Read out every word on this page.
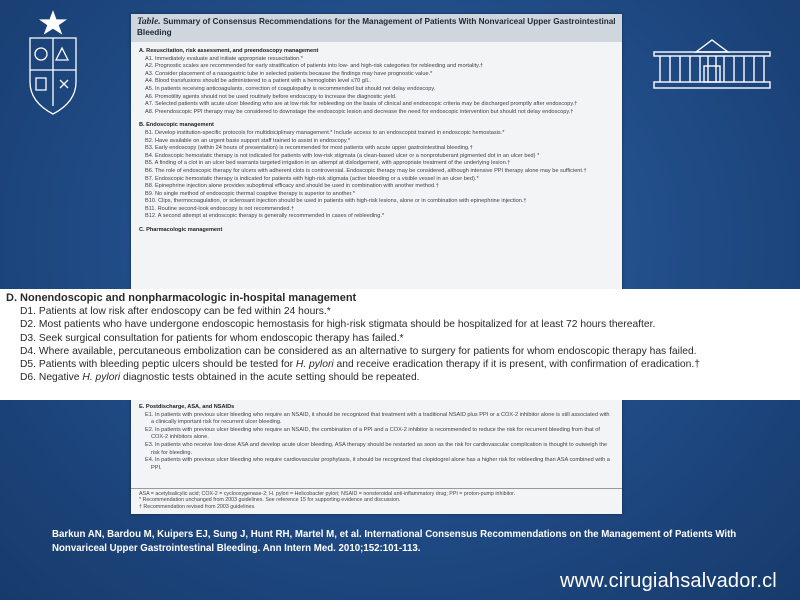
Table. Summary of Consensus Recommendations for the Management of Patients With Nonvariceal Upper Gastrointestinal Bleeding
A. Resuscitation, risk assessment, and preendoscopy management
A1. Immediately evaluate and initiate appropriate resuscitation.*
A2. Prognostic scales are recommended for early stratification of patients into low- and high-risk categories for rebleeding and mortality.†
A3. Consider placement of a nasogastric tube in selected patients because the findings may have prognostic value.*
A4. Blood transfusions should be administered to a patient with a hemoglobin level ≤70 g/L.
A5. In patients receiving anticoagulants, correction of coagulopathy is recommended but should not delay endoscopy.
A6. Promotility agents should not be used routinely before endoscopy to increase the diagnostic yield.
A7. Selected patients with acute ulcer bleeding who are at low risk for rebleeding on the basis of clinical and endoscopic criteria may be discharged promptly after endoscopy.†
A8. Preendoscopic PPI therapy may be considered to downstage the endoscopic lesion and decrease the need for endoscopic intervention but should not delay endoscopy.†
B. Endoscopic management
B1. Develop institution-specific protocols for multidisciplinary management.* Include access to an endoscopist trained in endoscopic hemostasis.*
B2. Have available on an urgent basis support staff trained to assist in endoscopy.*
B3. Early endoscopy (within 24 hours of presentation) is recommended for most patients with acute upper gastrointestinal bleeding.†
B4. Endoscopic hemostatic therapy is not indicated for patients with low-risk stigmata (a clean-based ulcer or a nonprotuberant pigmented dot in an ulcer bed) *
B5. A finding of a clot in an ulcer bed warrants targeted irrigation in an attempt at dislodgement, with appropriate treatment of the underlying lesion.†
B6. The role of endoscopic therapy for ulcers with adherent clots is controversial. Endoscopic therapy may be considered, although intensive PPI therapy alone may be sufficient.†
B7. Endoscopic hemostatic therapy is indicated for patients with high-risk stigmata (active bleeding or a visible vessel in an ulcer bed).*
B8. Epinephrine injection alone provides suboptimal efficacy and should be used in combination with another method.†
B9. No single method of endoscopic thermal coaptive therapy is superior to another.*
B10. Clips, thermocoagulation, or sclerosant injection should be used in patients with high-risk lesions, alone or in combination with epinephrine injection.†
B11. Routine second-look endoscopy is not recommended.†
B12. A second attempt at endoscopic therapy is generally recommended in cases of rebleeding.*
C. Pharmacologic management
E. Postdischarge, ASA, and NSAIDs
E1. In patients with previous ulcer bleeding who require an NSAID, it should be recognized that treatment with a traditional NSAID plus PPI or a COX-2 inhibitor alone is still associated with a clinically important risk for recurrent ulcer bleeding.
E2. In patients with previous ulcer bleeding who require an NSAID, the combination of a PPI and a COX-2 inhibitor is recommended to reduce the risk for recurrent bleeding from that of COX-2 inhibitors alone.
E3. In patients who receive low-dose ASA and develop acute ulcer bleeding, ASA therapy should be restarted as soon as the risk for cardiovascular complication is thought to outweigh the risk for bleeding.
E4. In patients with previous ulcer bleeding who require cardiovascular prophylaxis, it should be recognized that clopidogrel alone has a higher risk for rebleeding than ASA combined with a PPI.
ASA = acetylsalicylic acid; COX-2 = cyclooxygenase-2; H. pylori = Helicobacter pylori; NSAID = nonsteroidal anti-inflammatory drug; PPI = proton-pump inhibitor.
* Recommendation unchanged from 2003 guidelines. See reference 15 for supporting evidence and discussion.
† Recommendation revised from 2003 guidelines.
D. Nonendoscopic and nonpharmacologic in-hospital management
D1. Patients at low risk after endoscopy can be fed within 24 hours.*
D2. Most patients who have undergone endoscopic hemostasis for high-risk stigmata should be hospitalized for at least 72 hours thereafter.
D3. Seek surgical consultation for patients for whom endoscopic therapy has failed.*
D4. Where available, percutaneous embolization can be considered as an alternative to surgery for patients for whom endoscopic therapy has failed.
D5. Patients with bleeding peptic ulcers should be tested for H. pylori and receive eradication therapy if it is present, with confirmation of eradication.†
D6. Negative H. pylori diagnostic tests obtained in the acute setting should be repeated.
Barkun AN, Bardou M, Kuipers EJ, Sung J, Hunt RH, Martel M, et al. International Consensus Recommendations on the Management of Patients With Nonvariceal Upper Gastrointestinal Bleeding. Ann Intern Med. 2010;152:101-113.
www.cirugiahsalvador.cl
